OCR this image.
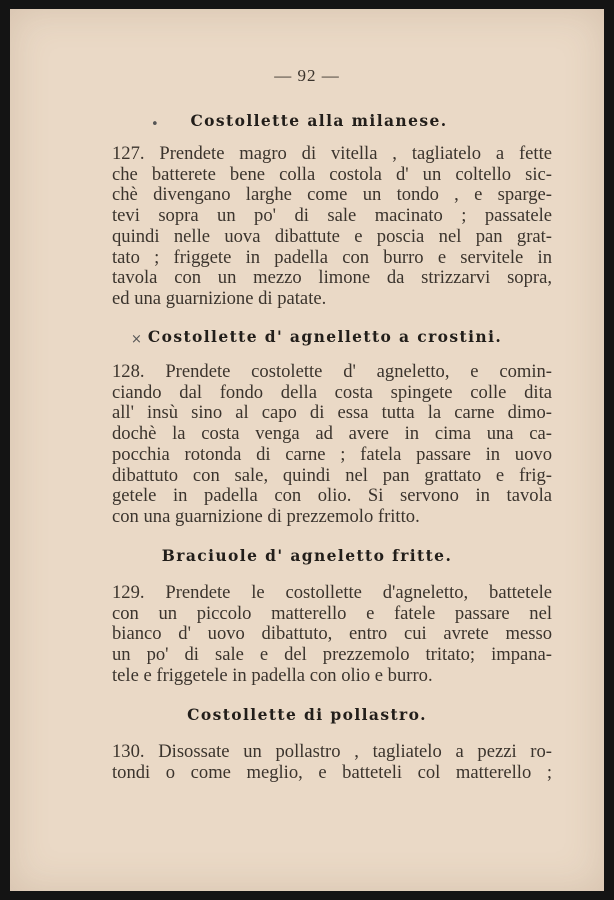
— 92 —
•	Costollette alla milanese.
127. Prendete magro di vitella , tagliatelo a fette
che batterete bene colla costola d' un coltello sic-
chè divengano larghe come un tondo , e sparge-
tevi sopra un po' di sale macinato ; passatele
quindi nelle uova dibattute e poscia nel pan grat-
tato ; friggete in padella con burro e servitele in
tavola con un mezzo limone da strizzarvi sopra,
ed una guarnizione di patate.
× Costollette d' agnelletto a crostini.
128. Prendete costolette d' agneletto, e comin-
ciando dal fondo della costa spingete colle dita
all' insù sino al capo di essa tutta la carne dimo-
dochè la costa venga ad avere in cima una ca-
pocchia rotonda di carne ; fatela passare in uovo
dibattuto con sale, quindi nel pan grattato e frig-
getele in padella con olio. Si servono in tavola
con una guarnizione di prezzemolo fritto.
Braciuole d' agneletto fritte.
129. Prendete le costollette d'agneletto, battetele
con un piccolo matterello e fatele passare nel
bianco d' uovo dibattuto, entro cui avrete messo
un po' di sale e del prezzemolo tritato; impana-
tele e friggetele in padella con olio e burro.
Costollette di pollastro.
130. Disossate un pollastro , tagliatelo a pezzi ro-
tondi o come meglio, e batteteli col matterello ;
